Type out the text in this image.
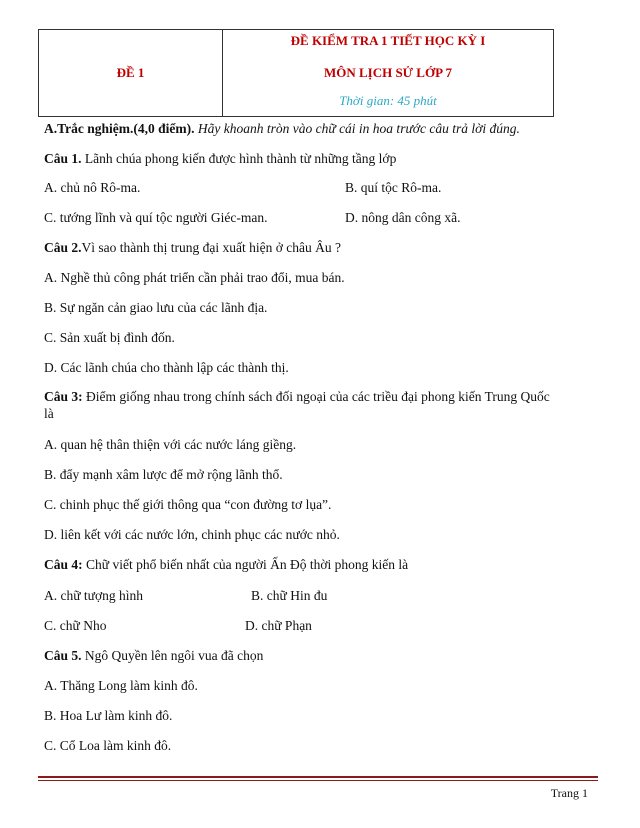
ĐỀ 1
ĐỀ KIỂM TRA 1 TIẾT HỌC KỲ I
MÔN LỊCH SỬ LỚP 7
Thời gian: 45 phút
A.Trắc nghiệm.(4,0 điểm). Hãy khoanh tròn vào chữ cái in hoa trước câu trả lời đúng.
Câu 1. Lãnh chúa phong kiến được hình thành từ những tầng lớp
A. chủ nô Rô-ma.	B. quí tộc Rô-ma.
C. tướng lĩnh và quí tộc người Giéc-man.	D. nông dân công xã.
Câu 2.Vì sao thành thị trung đại xuất hiện ở châu Âu ?
A. Nghề thủ công phát triển cần phải trao đổi, mua bán.
B. Sự ngăn cản giao lưu của các lãnh địa.
C. Sản xuất bị đình đốn.
D. Các lãnh chúa cho thành lập các thành thị.
Câu 3: Điểm giống nhau trong chính sách đối ngoại của các triều đại phong kiến Trung Quốc
là
A. quan hệ thân thiện với các nước láng giềng.
B. đẩy mạnh xâm lược để mở rộng lãnh thổ.
C. chinh phục thế giới thông qua “con đường tơ lụa”.
D. liên kết với các nước lớn, chinh phục các nước nhỏ.
Câu 4: Chữ viết phổ biến nhất của người Ấn Độ thời phong kiến là
A. chữ tượng hình	B. chữ Hin đu
C. chữ Nho	D. chữ Phạn
Câu 5. Ngô Quyền lên ngôi vua đã chọn
A. Thăng Long làm kinh đô.
B. Hoa Lư làm kinh đô.
C. Cổ Loa làm kinh đô.
Trang 1
